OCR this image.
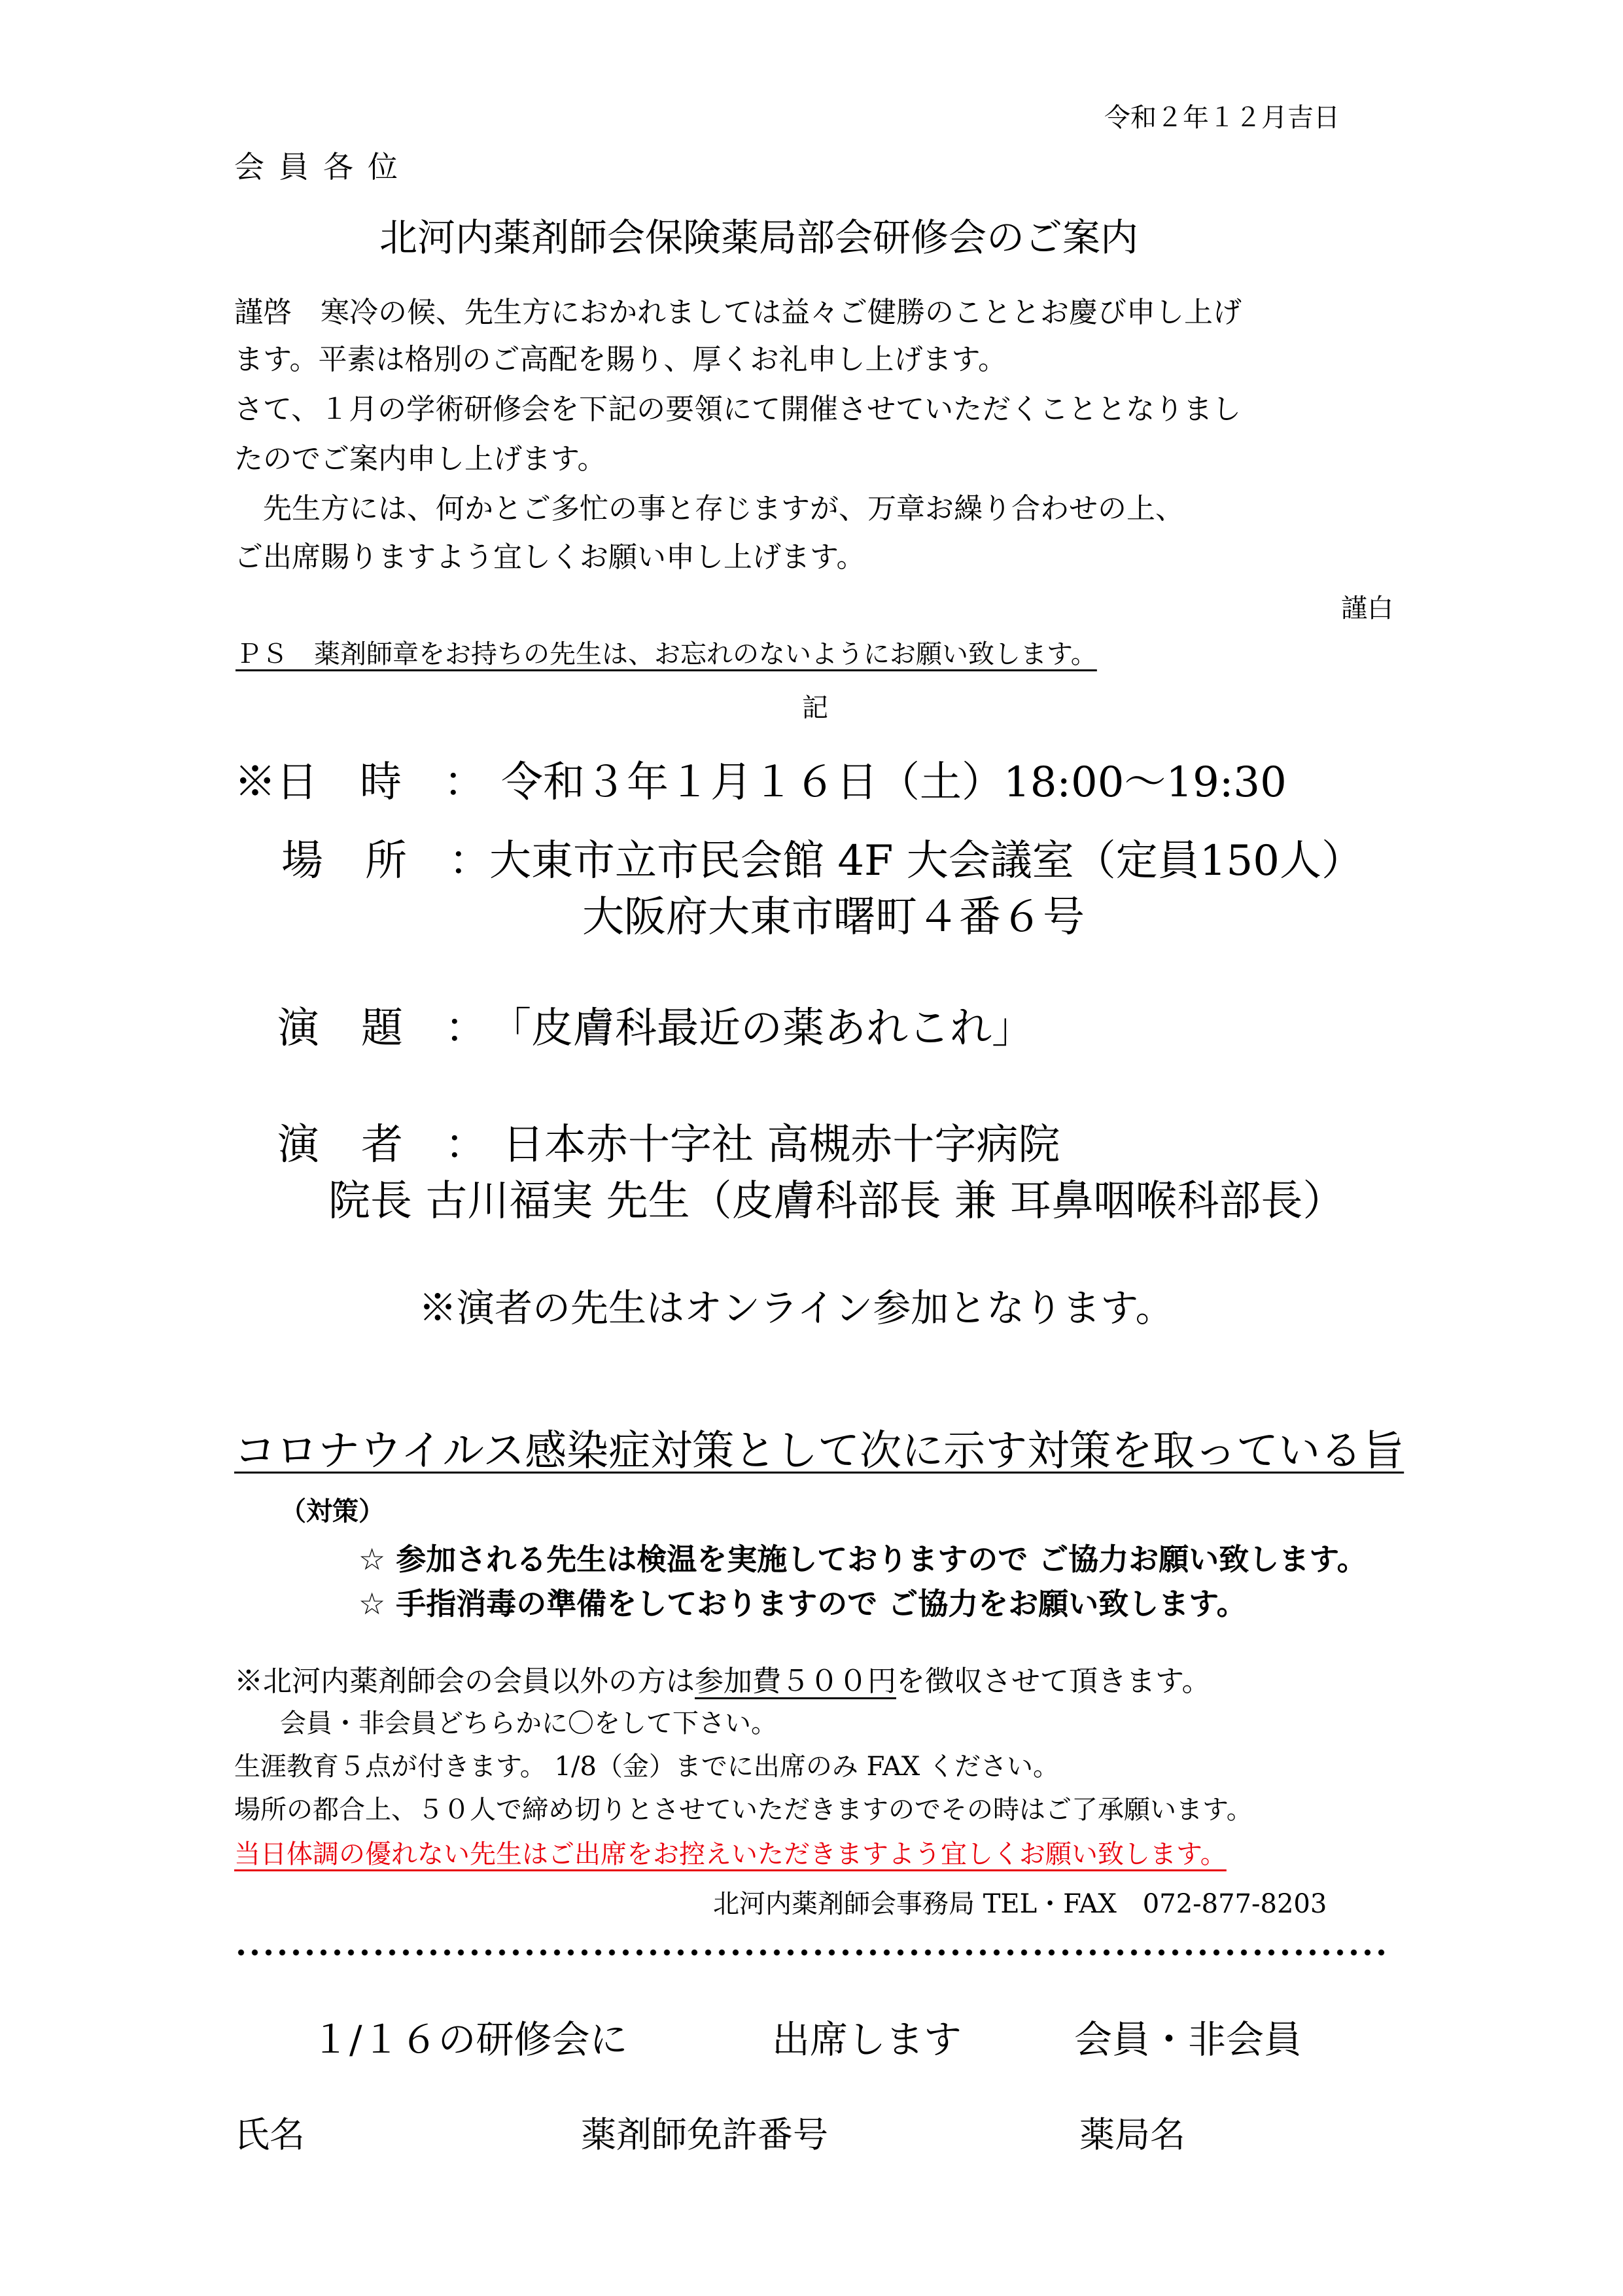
令和２年１２月吉日
会員各位
北河内薬剤師会保険薬局部会研修会のご案内
謹啓　寒冷の候、先生方におかれましては益々ご健勝のこととお慶び申し上げ
ます。平素は格別のご高配を賜り、厚くお礼申し上げます。
さて、１月の学術研修会を下記の要領にて開催させていただくこととなりまし
たのでご案内申し上げます。
　先生方には、何かとご多忙の事と存じますが、万章お繰り合わせの上、
ご出席賜りますよう宜しくお願い申し上げます。
謹白
ＰＳ　薬剤師章をお持ちの先生は、お忘れのないようにお願い致します。
記
※日　時　： 令和３年１月１６日（土）18:00～19:30
場　所　：
大東市立市民会館 4F 大会議室（定員150人）
大阪府大東市曙町４番６号
演　題　： 「皮膚科最近の薬あれこれ」
演　者　： 日本赤十字社 高槻赤十字病院
院長 古川福実 先生（皮膚科部長 兼 耳鼻咽喉科部長）
※演者の先生はオンライン参加となります。
コロナウイルス感染症対策として次に示す対策を取っている旨
（対策）
☆ 参加される先生は検温を実施しておりますので ご協力お願い致します。
☆ 手指消毒の準備をしておりますので ご協力をお願い致します。
※北河内薬剤師会の会員以外の方は参加費５００円を徴収させて頂きます。
会員・非会員どちらかに〇をして下さい。
生涯教育５点が付きます。 1/8（金）までに出席のみ FAX ください。
場所の都合上、５０人で締め切りとさせていただきますのでその時はご了承願います。
当日体調の優れない先生はご出席をお控えいただきますよう宜しくお願い致します。
北河内薬剤師会事務局 TEL・FAX　072-877-8203
１/１６の研修会に	出席します	会員・非会員
氏名	薬剤師免許番号	薬局名
